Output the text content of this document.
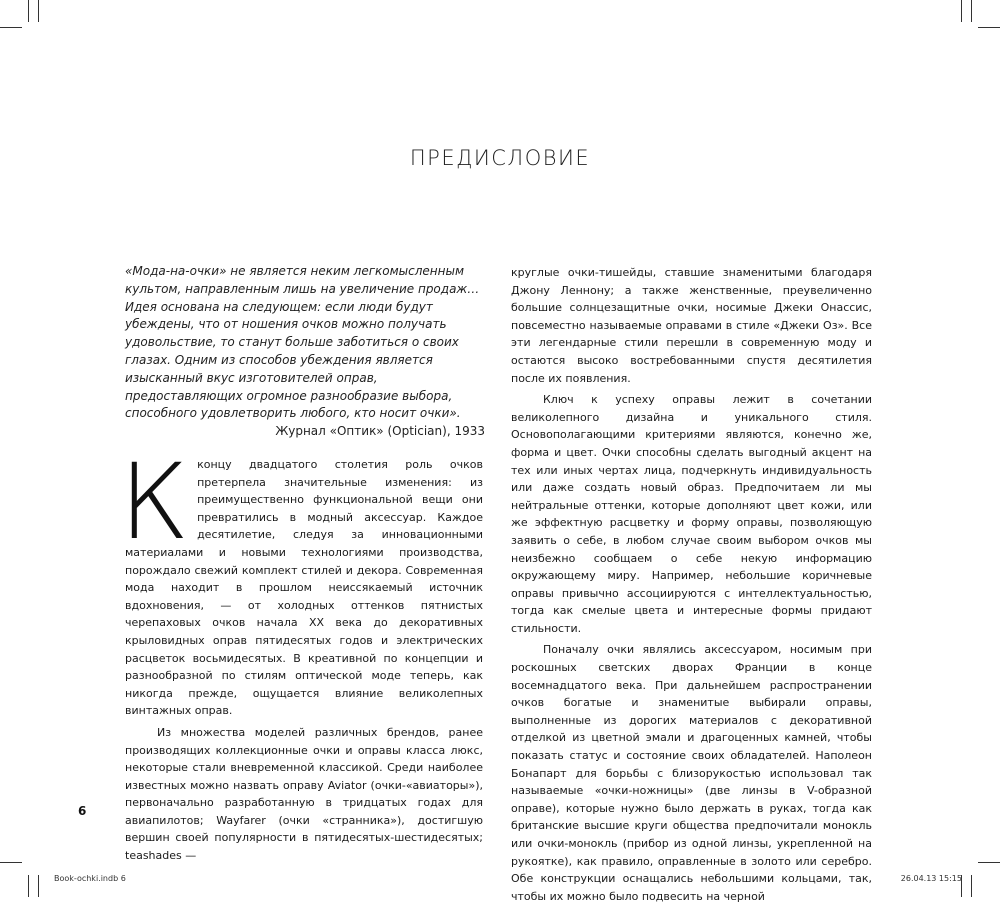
ПРЕДИСЛОВИЕ
«Мода-на-очки» не является неким легкомысленным культом, направленным лишь на увеличение продаж… Идея основана на следующем: если люди будут убеждены, что от ношения очков можно получать удовольствие, то станут больше заботиться о своих глазах. Одним из способов убеждения является изысканный вкус изготовителей оправ, предоставляющих огромное разнообразие выбора, способного удовлетворить любого, кто носит очки».
Журнал «Оптик» (Optician), 1933

Кконцу двадцатого столетия роль очков претерпела значительные изменения: из преимущественно функциональной вещи они превратились в модный аксессуар. Каждое десятилетие, следуя за инновационными материалами и новыми технологиями производства, порождало свежий комплект стилей и декора. Современная мода находит в прошлом неиссякаемый источник вдохновения, — от холодных оттенков пятнистых черепаховых очков начала XX века до декоративных крыловидных оправ пятидесятых годов и электрических расцветок восьмидесятых. В креативной по концепции и разнообразной по стилям оптической моде теперь, как никогда прежде, ощущается влияние великолепных винтажных оправ.

Из множества моделей различных брендов, ранее производящих коллекционные очки и оправы класса люкс, некоторые стали вневременной классикой. Среди наиболее известных можно назвать оправу Aviator (очки-«авиаторы»), первоначально разработанную в тридцатых годах для авиапилотов; Wayfarer (очки «странника»), достигшую вершин своей популярности в пятидесятых-шестидесятых; teashades —

круглые очки-тишейды, ставшие знаменитыми благодаря Джону Леннону; а также женственные, преувеличенно большие солнцезащитные очки, носимые Джеки Онассис, повсеместно называемые оправами в стиле «Джеки Оз». Все эти легендарные стили перешли в современную моду и остаются высоко востребованными спустя десятилетия после их появления.

Ключ к успеху оправы лежит в сочетании великолепного дизайна и уникального стиля. Основополагающими критериями являются, конечно же, форма и цвет. Очки способны сделать выгодный акцент на тех или иных чертах лица, подчеркнуть индивидуальность или даже создать новый образ. Предпочитаем ли мы нейтральные оттенки, которые дополняют цвет кожи, или же эффектную расцветку и форму оправы, позволяющую заявить о себе, в любом случае своим выбором очков мы неизбежно сообщаем о себе некую информацию окружающему миру. Например, небольшие коричневые оправы привычно ассоциируются с интеллектуальностью, тогда как смелые цвета и интересные формы придают стильности.

Поначалу очки являлись аксессуаром, носимым при роскошных светских дворах Франции в конце восемнадцатого века. При дальнейшем распространении очков богатые и знаменитые выбирали оправы, выполненные из дорогих материалов с декоративной отделкой из цветной эмали и драгоценных камней, чтобы показать статус и состояние своих обладателей. Наполеон Бонапарт для борьбы с близорукостью использовал так называемые «очки-ножницы» (две линзы в V-образной оправе), которые нужно было держать в руках, тогда как британские высшие круги общества предпочитали монокль или очки-монокль (прибор из одной линзы, укрепленной на рукоятке), как правило, оправленные в золото или серебро. Обе конструкции оснащались небольшими кольцами, так, чтобы их можно было подвесить на черной

6
Book-ochki.indb 6	26.04.13 15:15
